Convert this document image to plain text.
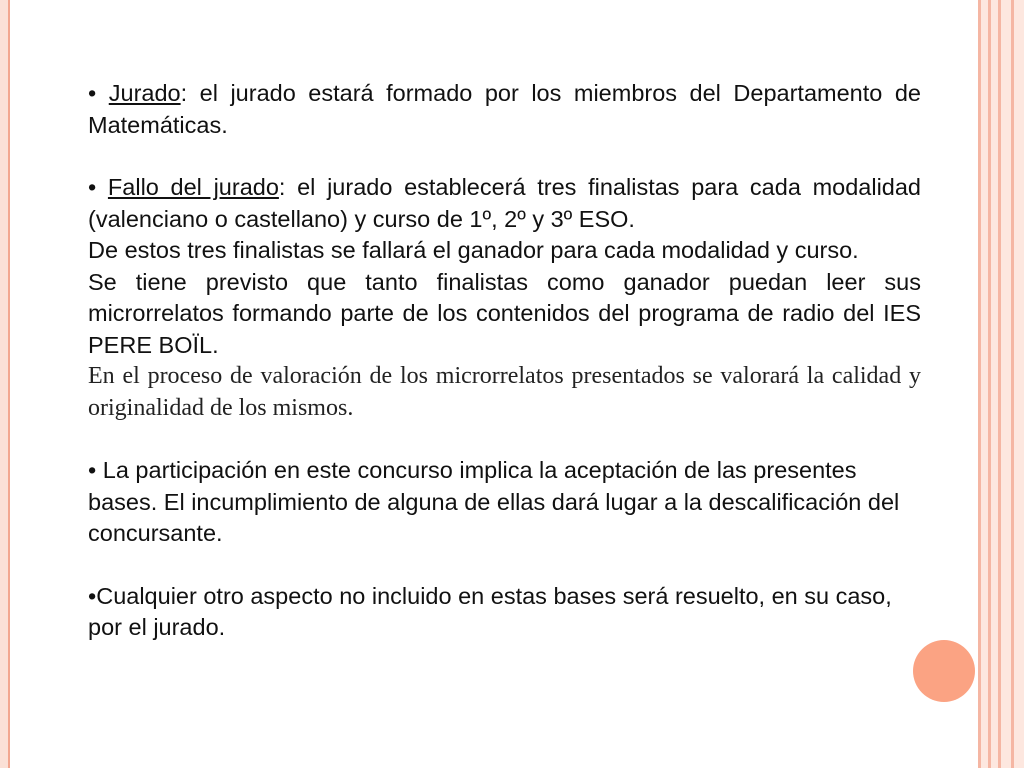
• Jurado: el jurado estará formado por los miembros del Departamento de Matemáticas.

• Fallo del jurado: el jurado establecerá tres finalistas para cada modalidad (valenciano o castellano) y curso de 1º, 2º y 3º ESO.

De estos tres finalistas se fallará el ganador para cada modalidad y curso.

Se tiene previsto que tanto finalistas como ganador puedan leer sus microrrelatos formando parte de los contenidos del programa de radio del IES PERE BOÏL.

En el proceso de valoración de los microrrelatos presentados se valorará la calidad y originalidad de los mismos.

• La participación en este concurso implica la aceptación de las presentes bases. El incumplimiento de alguna de ellas dará lugar a la descalificación del concursante.

•Cualquier otro aspecto no incluido en estas bases será resuelto, en su caso, por el jurado.
